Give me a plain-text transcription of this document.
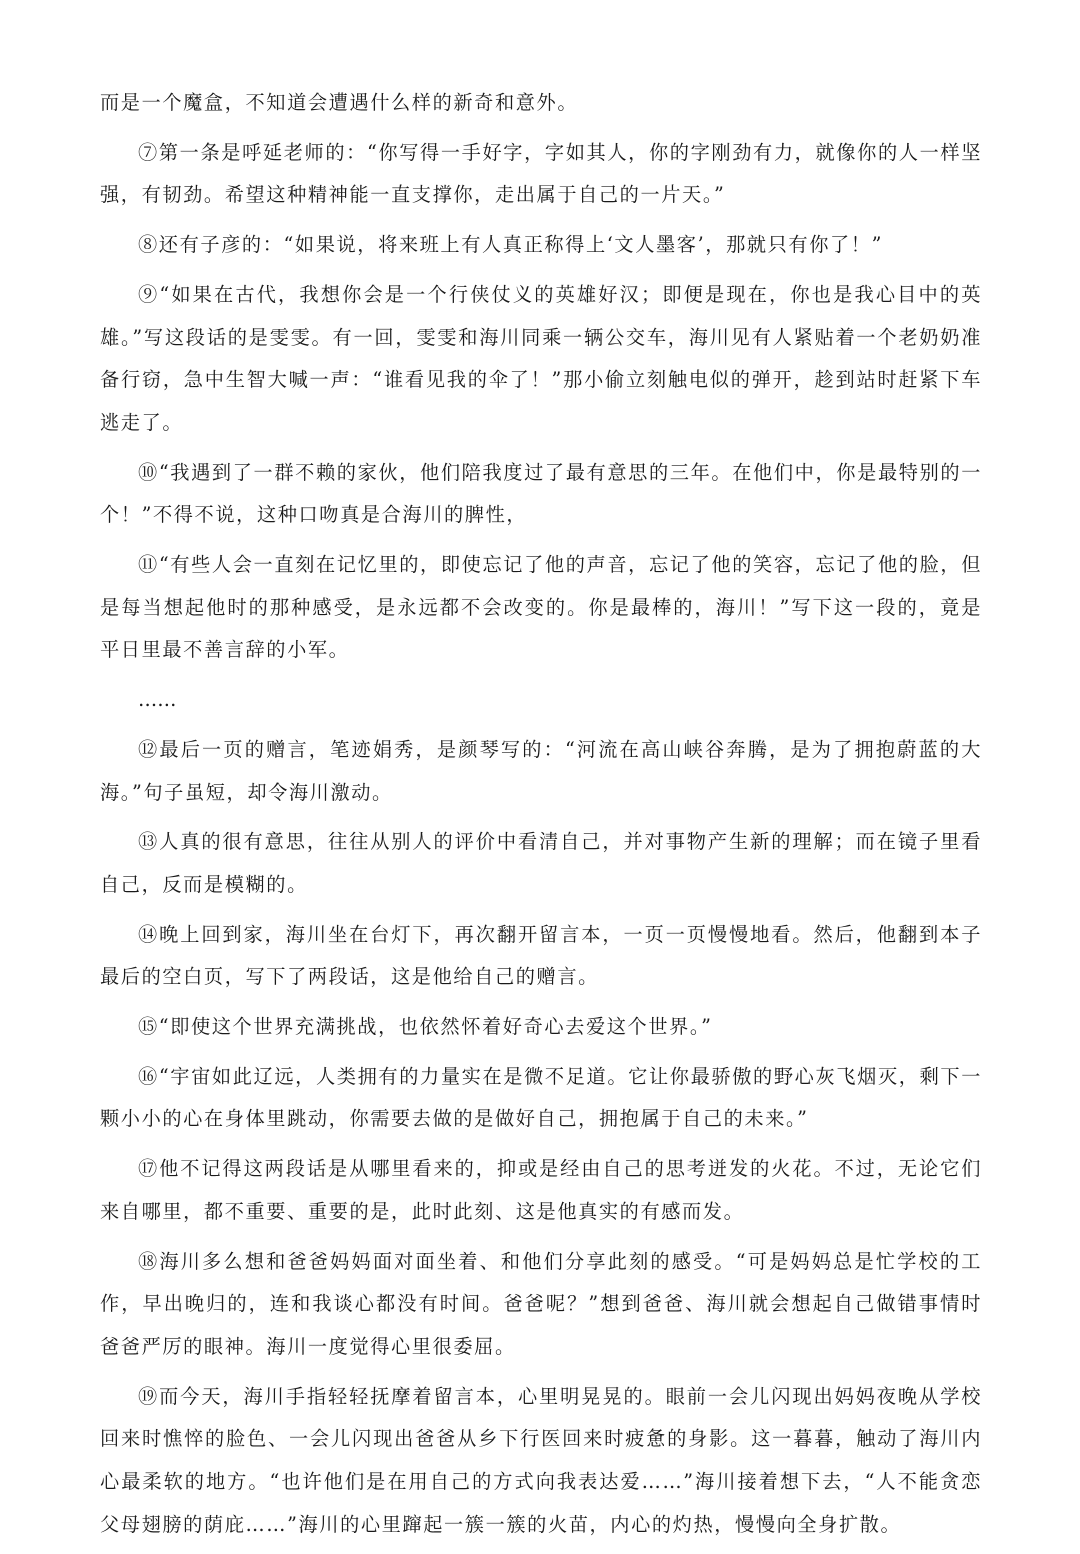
而是一个魔盒，不知道会遭遇什么样的新奇和意外。

⑦第一条是呼延老师的：“你写得一手好字，字如其人，你的字刚劲有力，就像你的人一样坚强，有韧劲。希望这种精神能一直支撑你，走出属于自己的一片天。”

⑧还有子彦的：“如果说，将来班上有人真正称得上‘文人墨客’，那就只有你了！”

⑨“如果在古代，我想你会是一个行侠仗义的英雄好汉；即便是现在，你也是我心目中的英雄。”写这段话的是雯雯。有一回，雯雯和海川同乘一辆公交车，海川见有人紧贴着一个老奶奶准备行窃，急中生智大喊一声：“谁看见我的伞了！”那小偷立刻触电似的弹开，趁到站时赶紧下车逃走了。

⑩“我遇到了一群不赖的家伙，他们陪我度过了最有意思的三年。在他们中，你是最特别的一个！”不得不说，这种口吻真是合海川的脾性，

⑪“有些人会一直刻在记忆里的，即使忘记了他的声音，忘记了他的笑容，忘记了他的脸，但是每当想起他时的那种感受，是永远都不会改变的。你是最棒的，海川！”写下这一段的，竟是平日里最不善言辞的小军。

……

⑫最后一页的赠言，笔迹娟秀，是颜琴写的：“河流在高山峡谷奔腾，是为了拥抱蔚蓝的大海。”句子虽短，却令海川激动。

⑬人真的很有意思，往往从别人的评价中看清自己，并对事物产生新的理解；而在镜子里看自己，反而是模糊的。

⑭晚上回到家，海川坐在台灯下，再次翻开留言本，一页一页慢慢地看。然后，他翻到本子最后的空白页，写下了两段话，这是他给自己的赠言。

⑮“即使这个世界充满挑战，也依然怀着好奇心去爱这个世界。”

⑯“宇宙如此辽远，人类拥有的力量实在是微不足道。它让你最骄傲的野心灰飞烟灭，剩下一颗小小的心在身体里跳动，你需要去做的是做好自己，拥抱属于自己的未来。”

⑰他不记得这两段话是从哪里看来的，抑或是经由自己的思考迸发的火花。不过，无论它们来自哪里，都不重要、重要的是，此时此刻、这是他真实的有感而发。

⑱海川多么想和爸爸妈妈面对面坐着、和他们分享此刻的感受。“可是妈妈总是忙学校的工作，早出晚归的，连和我谈心都没有时间。爸爸呢？”想到爸爸、海川就会想起自己做错事情时爸爸严厉的眼神。海川一度觉得心里很委屈。

⑲而今天，海川手指轻轻抚摩着留言本，心里明晃晃的。眼前一会儿闪现出妈妈夜晚从学校回来时憔悴的脸色、一会儿闪现出爸爸从乡下行医回来时疲惫的身影。这一暮暮，触动了海川内心最柔软的地方。“也许他们是在用自己的方式向我表达爱……”海川接着想下去，“人不能贪恋父母翅膀的荫庇……”海川的心里蹿起一簇一簇的火苗，内心的灼热，慢慢向全身扩散。
